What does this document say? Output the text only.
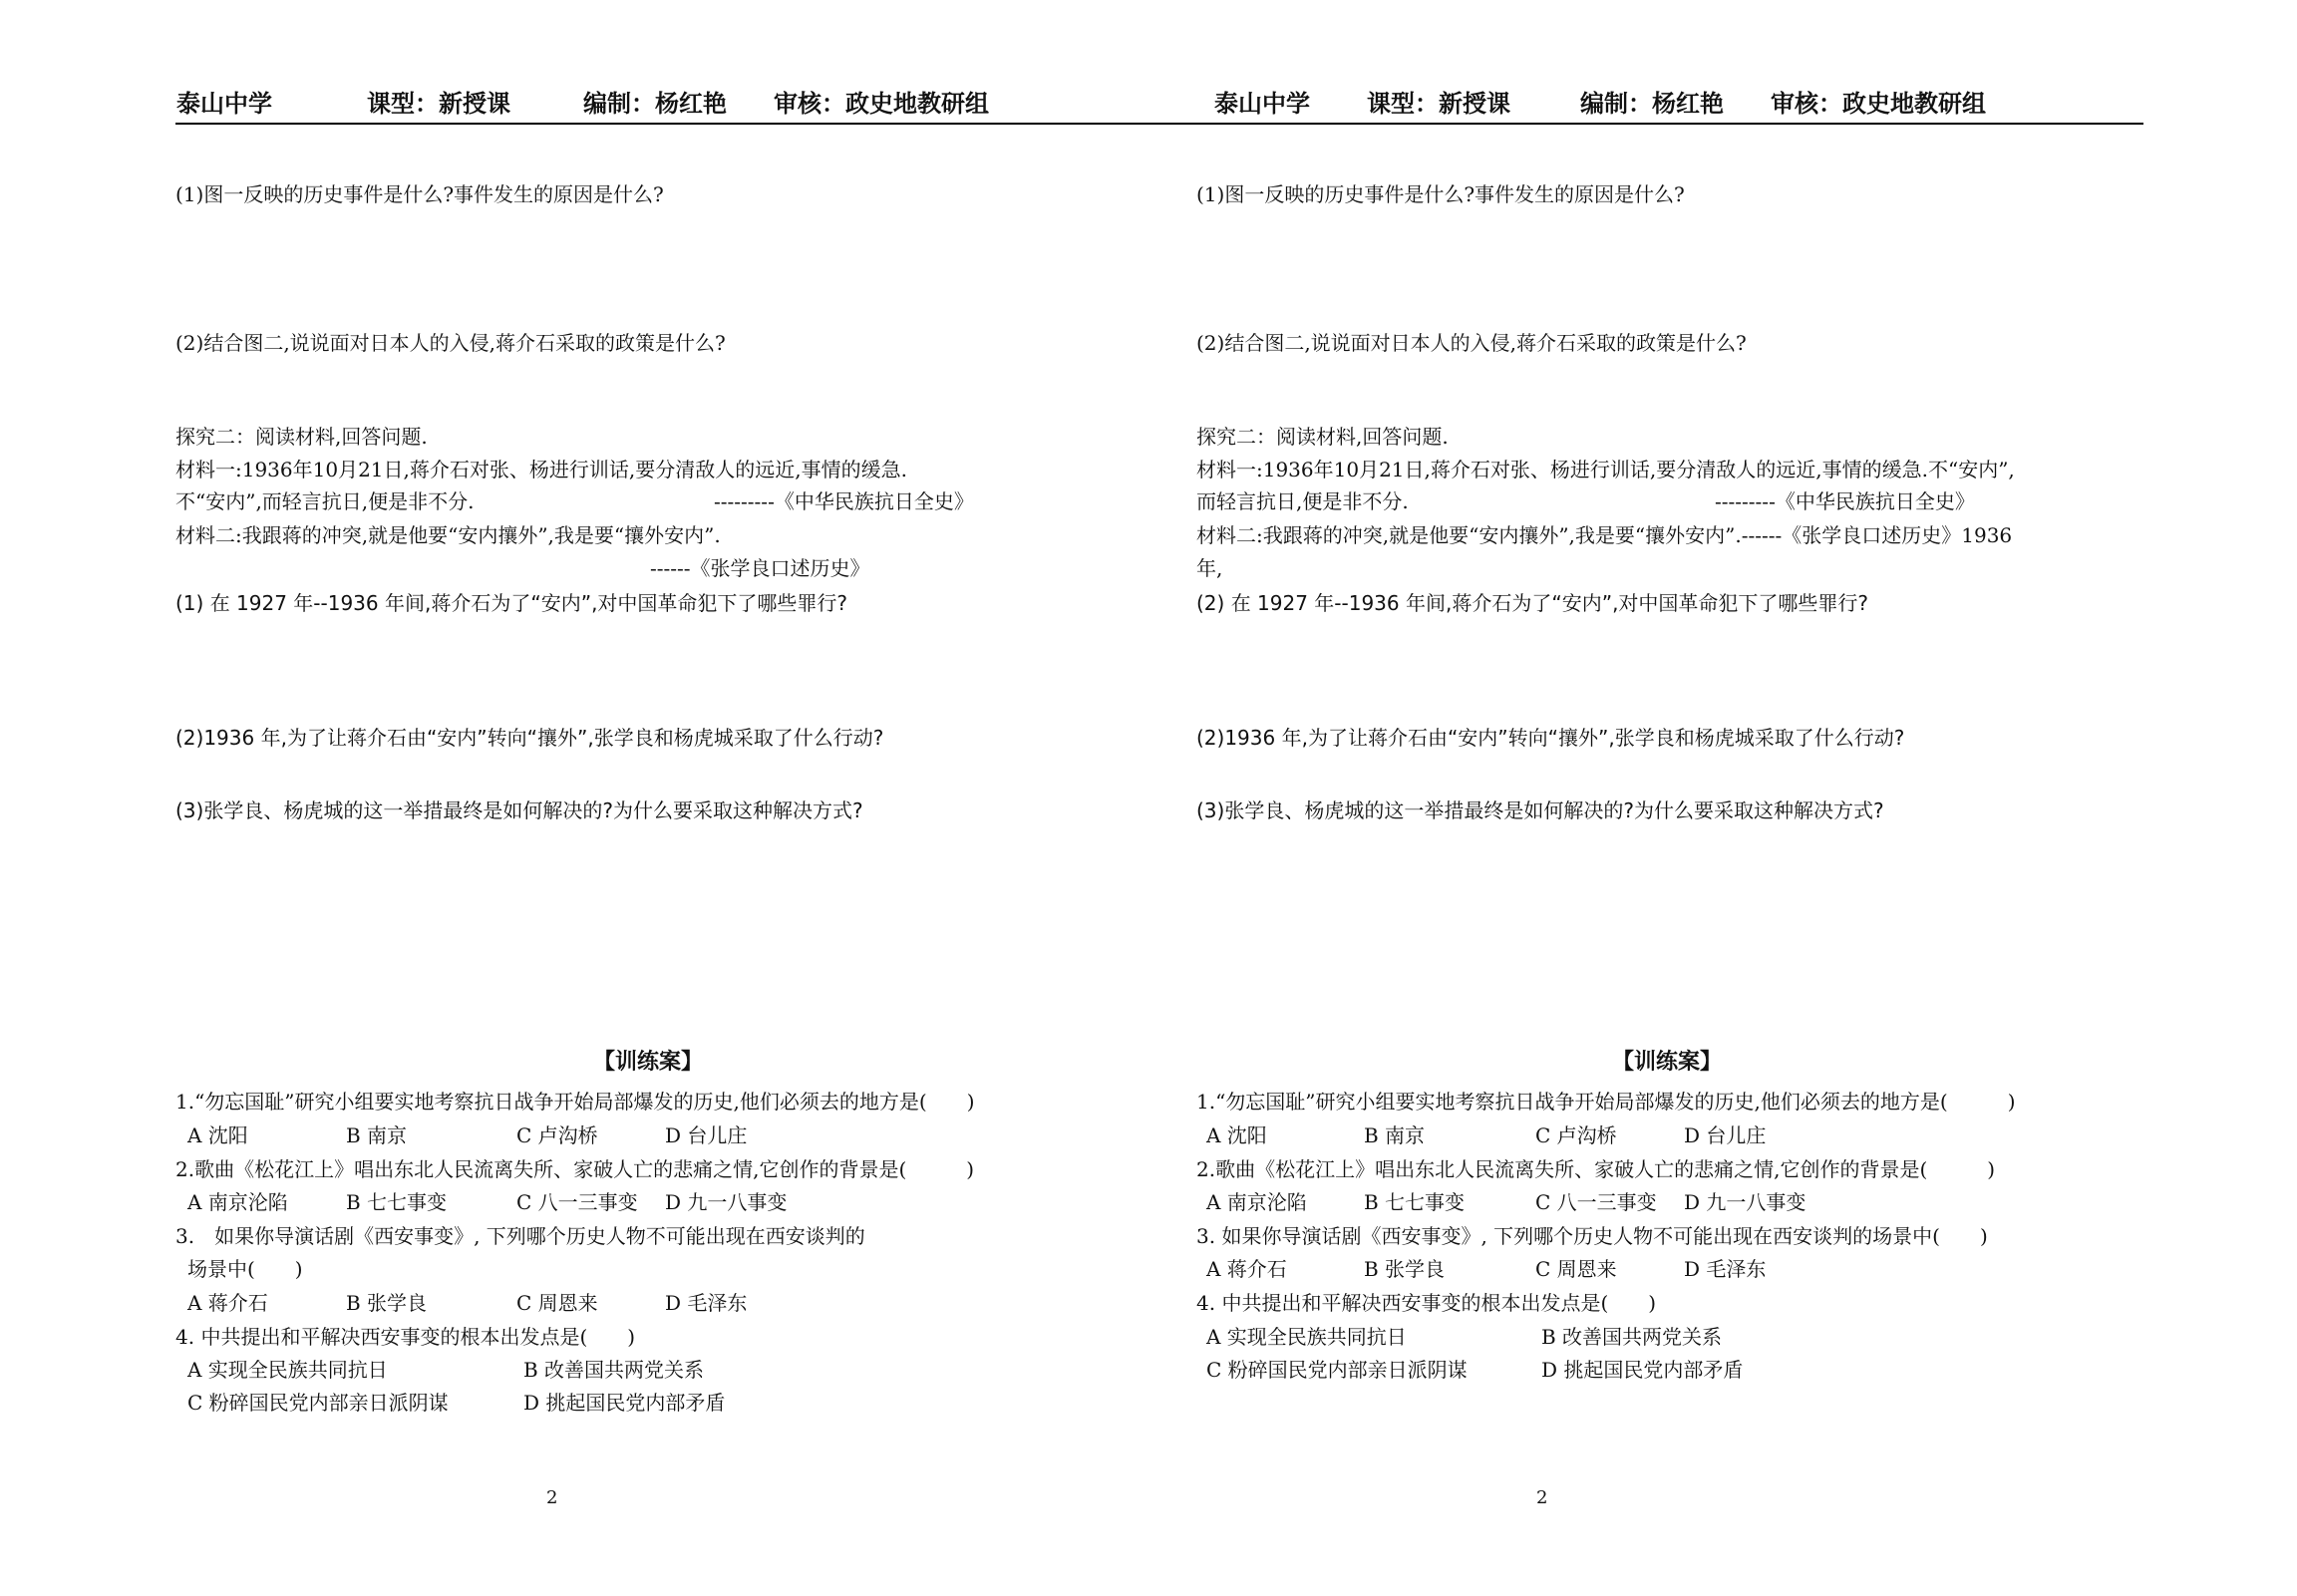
泰山中学	课型：新授课	编制：杨红艳 审核：政史地教研组
(1)图一反映的历史事件是什么?事件发生的原因是什么?
(2)结合图二,说说面对日本人的入侵,蒋介石采取的政策是什么?
探究二：阅读材料,回答问题.
材料一:1936年10月21日,蒋介石对张、杨进行训话,要分清敌人的远近,事情的缓急.
不“安内”,而轻言抗日,便是非不分.	---------《中华民族抗日全史》
材料二:我跟蒋的冲突,就是他要“安内攘外”,我是要“攘外安内”.
------《张学良口述历史》
(1) 在 1927 年--1936 年间,蒋介石为了“安内”,对中国革命犯下了哪些罪行?
(2)1936 年,为了让蒋介石由“安内”转向“攘外”,张学良和杨虎城采取了什么行动?
(3)张学良、杨虎城的这一举措最终是如何解决的?为什么要采取这种解决方式?
【训练案】
1.“勿忘国耻”研究小组要实地考察抗日战争开始局部爆发的历史,他们必须去的地方是(　　)
A 沈阳	B 南京	C 卢沟桥	D 台儿庄
2.歌曲《松花江上》唱出东北人民流离失所、家破人亡的悲痛之情,它创作的背景是(　　　)
A 南京沦陷	B 七七事变	C 八一三事变 D 九一八事变
3.　如果你导演话剧《西安事变》, 下列哪个历史人物不可能出现在西安谈判的
场景中(　　)
A 蒋介石	B 张学良	C 周恩来	D 毛泽东
4. 中共提出和平解决西安事变的根本出发点是(　　)
A 实现全民族共同抗日	B 改善国共两党关系
C 粉碎国民党内部亲日派阴谋	D 挑起国民党内部矛盾
2
泰山中学 课型：新授课	编制：杨红艳 审核：政史地教研组
(1)图一反映的历史事件是什么?事件发生的原因是什么?
(2)结合图二,说说面对日本人的入侵,蒋介石采取的政策是什么?
探究二：阅读材料,回答问题.
材料一:1936年10月21日,蒋介石对张、杨进行训话,要分清敌人的远近,事情的缓急.不“安内”,
而轻言抗日,便是非不分.	---------《中华民族抗日全史》
材料二:我跟蒋的冲突,就是他要“安内攘外”,我是要“攘外安内”.------《张学良口述历史》1936
年,
(2) 在 1927 年--1936 年间,蒋介石为了“安内”,对中国革命犯下了哪些罪行?
(2)1936 年,为了让蒋介石由“安内”转向“攘外”,张学良和杨虎城采取了什么行动?
(3)张学良、杨虎城的这一举措最终是如何解决的?为什么要采取这种解决方式?
【训练案】
1.“勿忘国耻”研究小组要实地考察抗日战争开始局部爆发的历史,他们必须去的地方是(　　　)
A 沈阳	B 南京	C 卢沟桥	D 台儿庄
2.歌曲《松花江上》唱出东北人民流离失所、家破人亡的悲痛之情,它创作的背景是(　　　)
A 南京沦陷	B 七七事变	C 八一三事变 D 九一八事变
3. 如果你导演话剧《西安事变》, 下列哪个历史人物不可能出现在西安谈判的场景中(　　)
A 蒋介石	B 张学良	C 周恩来	D 毛泽东
4. 中共提出和平解决西安事变的根本出发点是(　　)
A 实现全民族共同抗日	B 改善国共两党关系
C 粉碎国民党内部亲日派阴谋	D 挑起国民党内部矛盾
2
